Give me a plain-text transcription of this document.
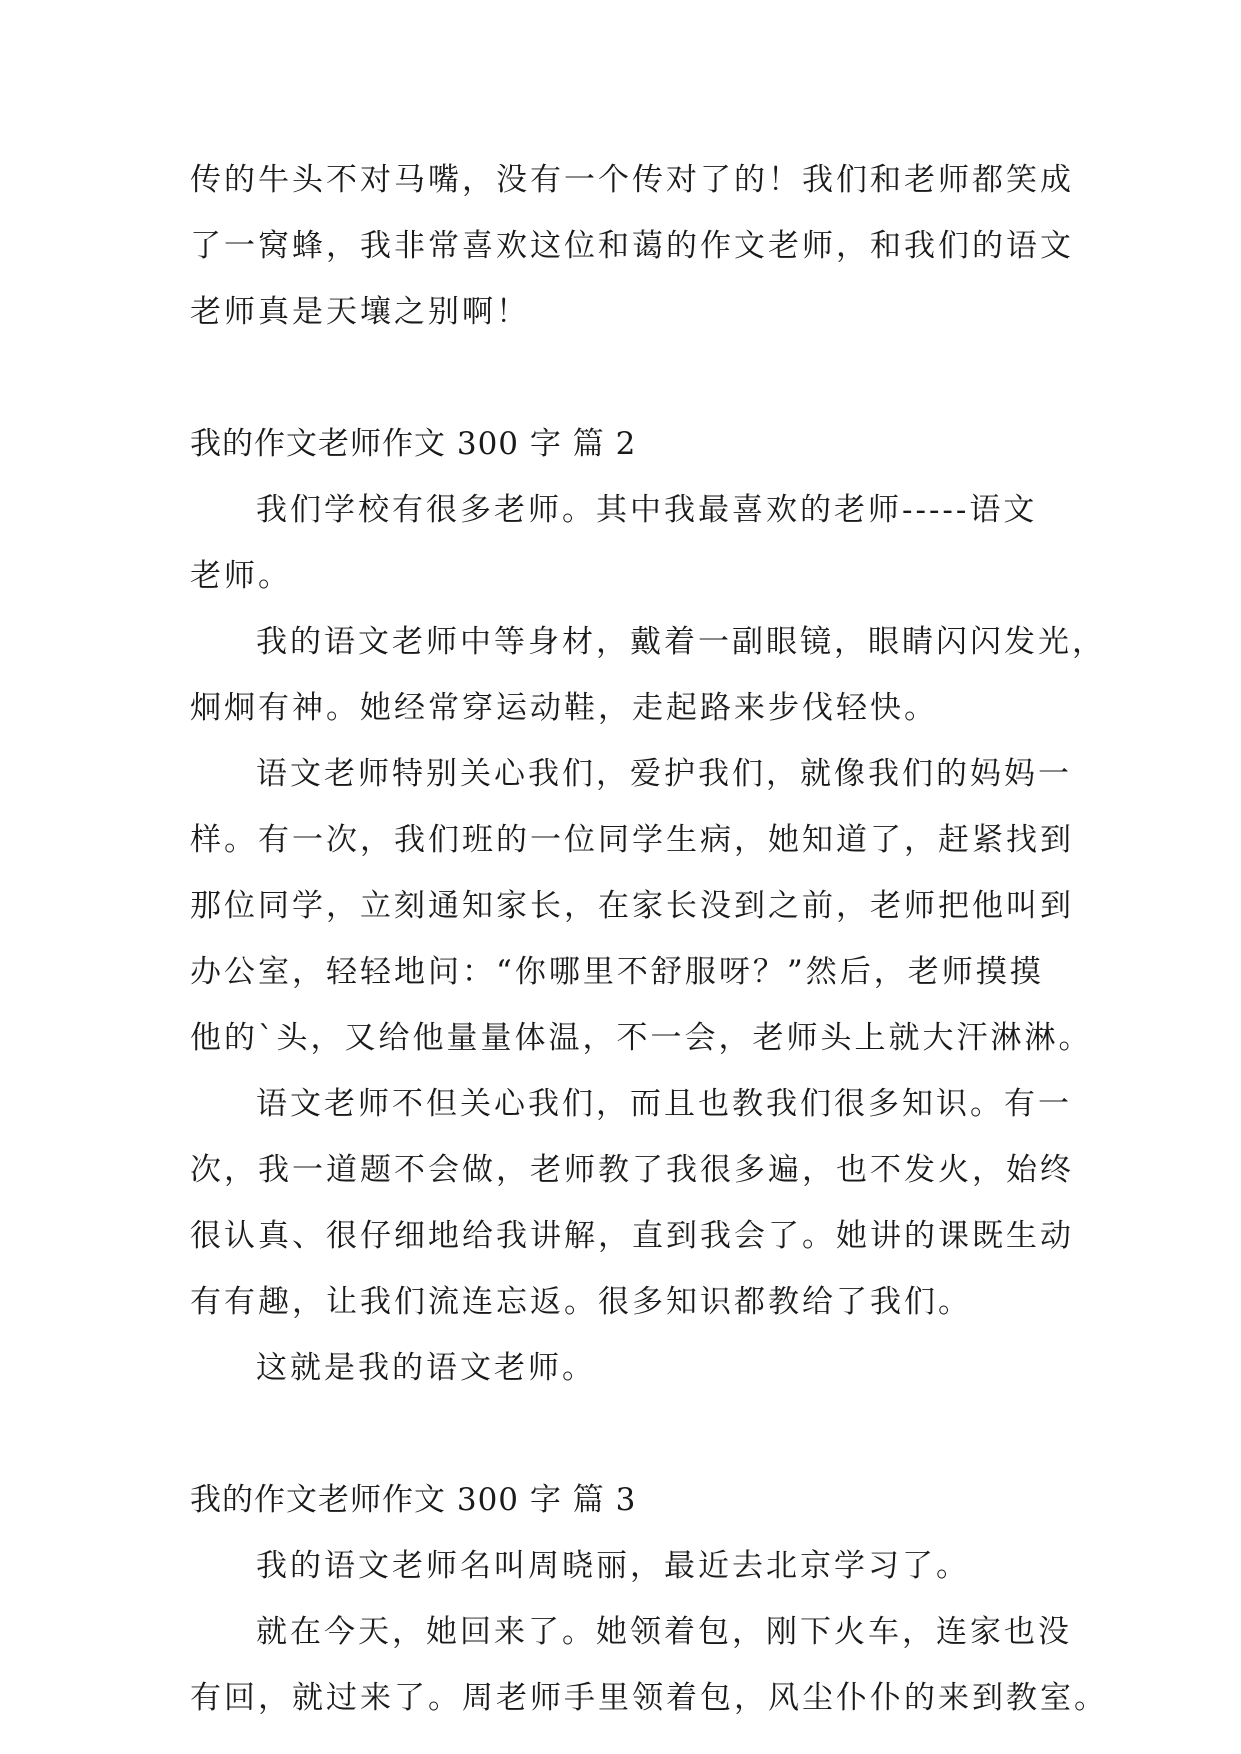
传的牛头不对马嘴，没有一个传对了的！我们和老师都笑成
了一窝蜂，我非常喜欢这位和蔼的作文老师，和我们的语文
老师真是天壤之别啊！
我的作文老师作文 300 字 篇 2
我们学校有很多老师。其中我最喜欢的老师-----语文
老师。
我的语文老师中等身材，戴着一副眼镜，眼睛闪闪发光，
炯炯有神。她经常穿运动鞋，走起路来步伐轻快。
语文老师特别关心我们，爱护我们，就像我们的妈妈一
样。有一次，我们班的一位同学生病，她知道了，赶紧找到
那位同学，立刻通知家长，在家长没到之前，老师把他叫到
办公室，轻轻地问：“你哪里不舒服呀？”然后，老师摸摸
他的`头，又给他量量体温，不一会，老师头上就大汗淋淋。
语文老师不但关心我们，而且也教我们很多知识。有一
次，我一道题不会做，老师教了我很多遍，也不发火，始终
很认真、很仔细地给我讲解，直到我会了。她讲的课既生动
有有趣，让我们流连忘返。很多知识都教给了我们。
这就是我的语文老师。
我的作文老师作文 300 字 篇 3
我的语文老师名叫周晓丽，最近去北京学习了。
就在今天，她回来了。她领着包，刚下火车，连家也没
有回，就过来了。周老师手里领着包，风尘仆仆的来到教室。
